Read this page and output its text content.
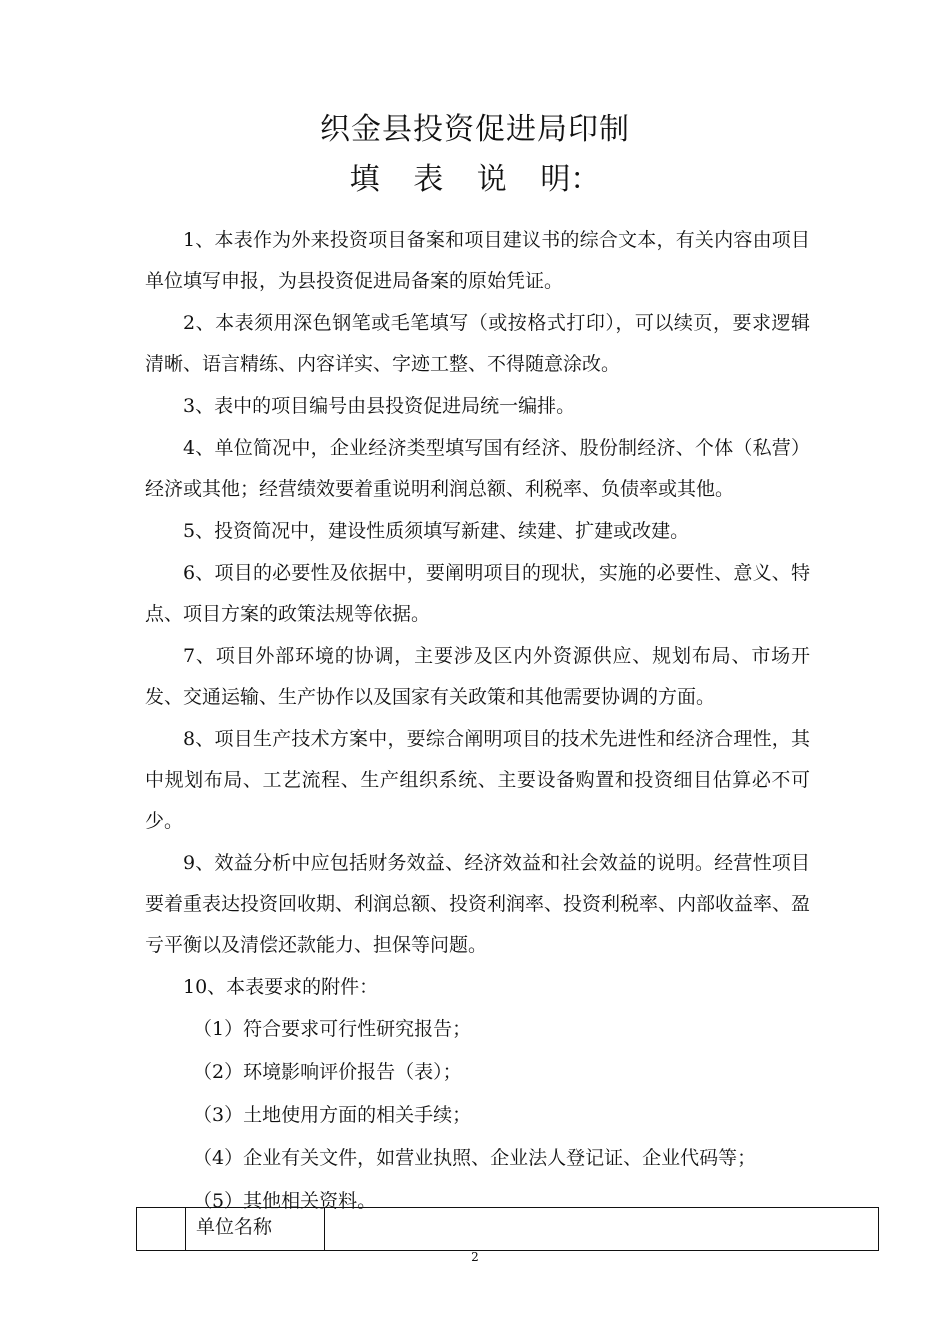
织金县投资促进局印制
填 表 说 明：

1、本表作为外来投资项目备案和项目建议书的综合文本，有关内容由项目单位填写申报，为县投资促进局备案的原始凭证。

2、本表须用深色钢笔或毛笔填写（或按格式打印），可以续页，要求逻辑清晰、语言精练、内容详实、字迹工整、不得随意涂改。

3、表中的项目编号由县投资促进局统一编排。

4、单位简况中，企业经济类型填写国有经济、股份制经济、个体（私营）经济或其他；经营绩效要着重说明利润总额、利税率、负债率或其他。

5、投资简况中，建设性质须填写新建、续建、扩建或改建。

6、项目的必要性及依据中，要阐明项目的现状，实施的必要性、意义、特点、项目方案的政策法规等依据。

7、项目外部环境的协调，主要涉及区内外资源供应、规划布局、市场开发、交通运输、生产协作以及国家有关政策和其他需要协调的方面。

8、项目生产技术方案中，要综合阐明项目的技术先进性和经济合理性，其中规划布局、工艺流程、生产组织系统、主要设备购置和投资细目估算必不可少。

9、效益分析中应包括财务效益、经济效益和社会效益的说明。经营性项目要着重表达投资回收期、利润总额、投资利润率、投资利税率、内部收益率、盈亏平衡以及清偿还款能力、担保等问题。

10、本表要求的附件：

（1）符合要求可行性研究报告；

（2）环境影响评价报告（表）；

（3）土地使用方面的相关手续；

（4）企业有关文件，如营业执照、企业法人登记证、企业代码等；

（5）其他相关资料。

	单位名称	
2
